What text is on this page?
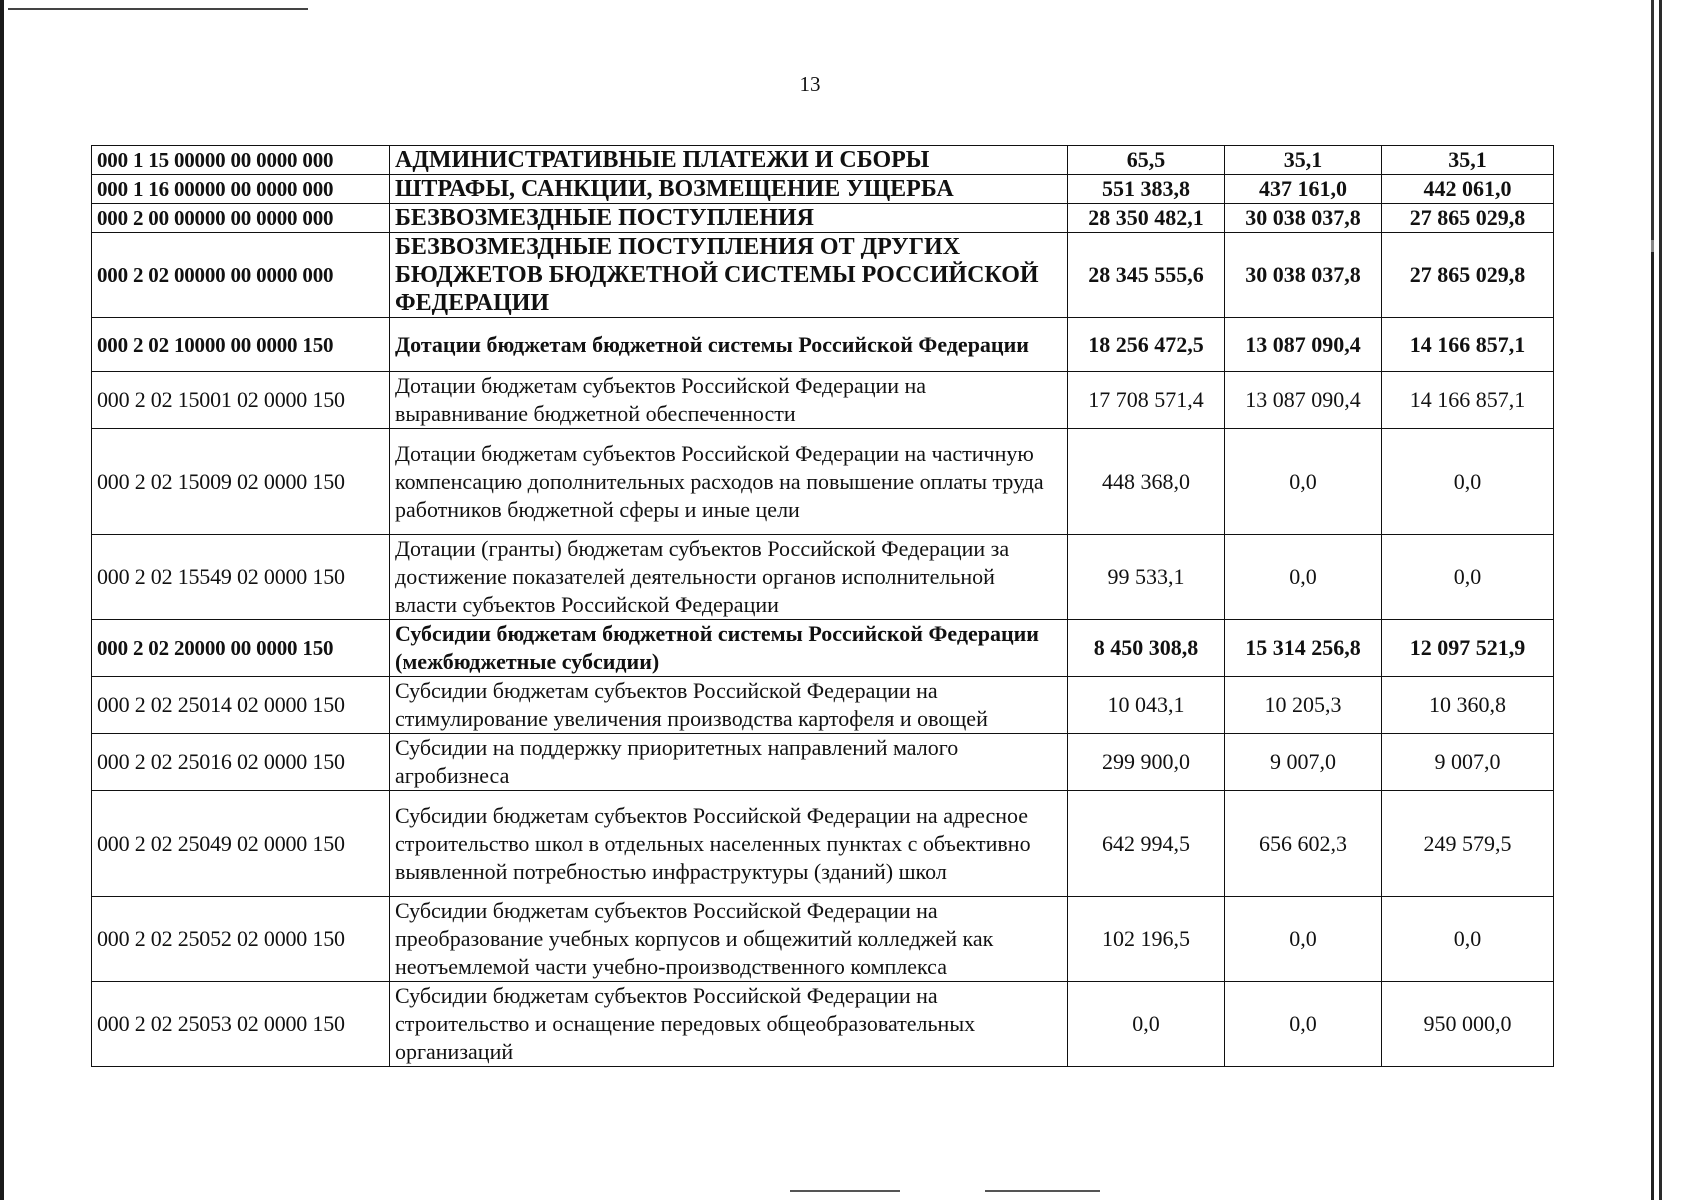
13
000 1 15 00000 00 0000 000	АДМИНИСТРАТИВНЫЕ ПЛАТЕЖИ И СБОРЫ	65,5	35,1	35,1
000 1 16 00000 00 0000 000	ШТРАФЫ, САНКЦИИ, ВОЗМЕЩЕНИЕ УЩЕРБА	551 383,8	437 161,0	442 061,0
000 2 00 00000 00 0000 000	БЕЗВОЗМЕЗДНЫЕ ПОСТУПЛЕНИЯ	28 350 482,1	30 038 037,8	27 865 029,8
000 2 02 00000 00 0000 000	БЕЗВОЗМЕЗДНЫЕ ПОСТУПЛЕНИЯ ОТ ДРУГИХ БЮДЖЕТОВ БЮДЖЕТНОЙ СИСТЕМЫ РОССИЙСКОЙ ФЕДЕРАЦИИ	28 345 555,6	30 038 037,8	27 865 029,8
000 2 02 10000 00 0000 150	Дотации бюджетам бюджетной системы Российской Федерации	18 256 472,5	13 087 090,4	14 166 857,1
000 2 02 15001 02 0000 150	Дотации бюджетам субъектов Российской Федерации на выравнивание бюджетной обеспеченности	17 708 571,4	13 087 090,4	14 166 857,1
000 2 02 15009 02 0000 150	Дотации бюджетам субъектов Российской Федерации на частичную компенсацию дополнительных расходов на повышение оплаты труда работников бюджетной сферы и иные цели	448 368,0	0,0	0,0
000 2 02 15549 02 0000 150	Дотации (гранты) бюджетам субъектов Российской Федерации за достижение показателей деятельности органов исполнительной власти субъектов Российской Федерации	99 533,1	0,0	0,0
000 2 02 20000 00 0000 150	Субсидии бюджетам бюджетной системы Российской Федерации (межбюджетные субсидии)	8 450 308,8	15 314 256,8	12 097 521,9
000 2 02 25014 02 0000 150	Субсидии бюджетам субъектов Российской Федерации на стимулирование увеличения производства картофеля и овощей	10 043,1	10 205,3	10 360,8
000 2 02 25016 02 0000 150	Субсидии на поддержку приоритетных направлений малого агробизнеса	299 900,0	9 007,0	9 007,0
000 2 02 25049 02 0000 150	Субсидии бюджетам субъектов Российской Федерации на адресное строительство школ в отдельных населенных пунктах с объективно выявленной потребностью инфраструктуры (зданий) школ	642 994,5	656 602,3	249 579,5
000 2 02 25052 02 0000 150	Субсидии бюджетам субъектов Российской Федерации на преобразование учебных корпусов и общежитий колледжей как неотъемлемой части учебно-производственного комплекса	102 196,5	0,0	0,0
000 2 02 25053 02 0000 150	Субсидии бюджетам субъектов Российской Федерации на строительство и оснащение передовых общеобразовательных организаций	0,0	0,0	950 000,0
